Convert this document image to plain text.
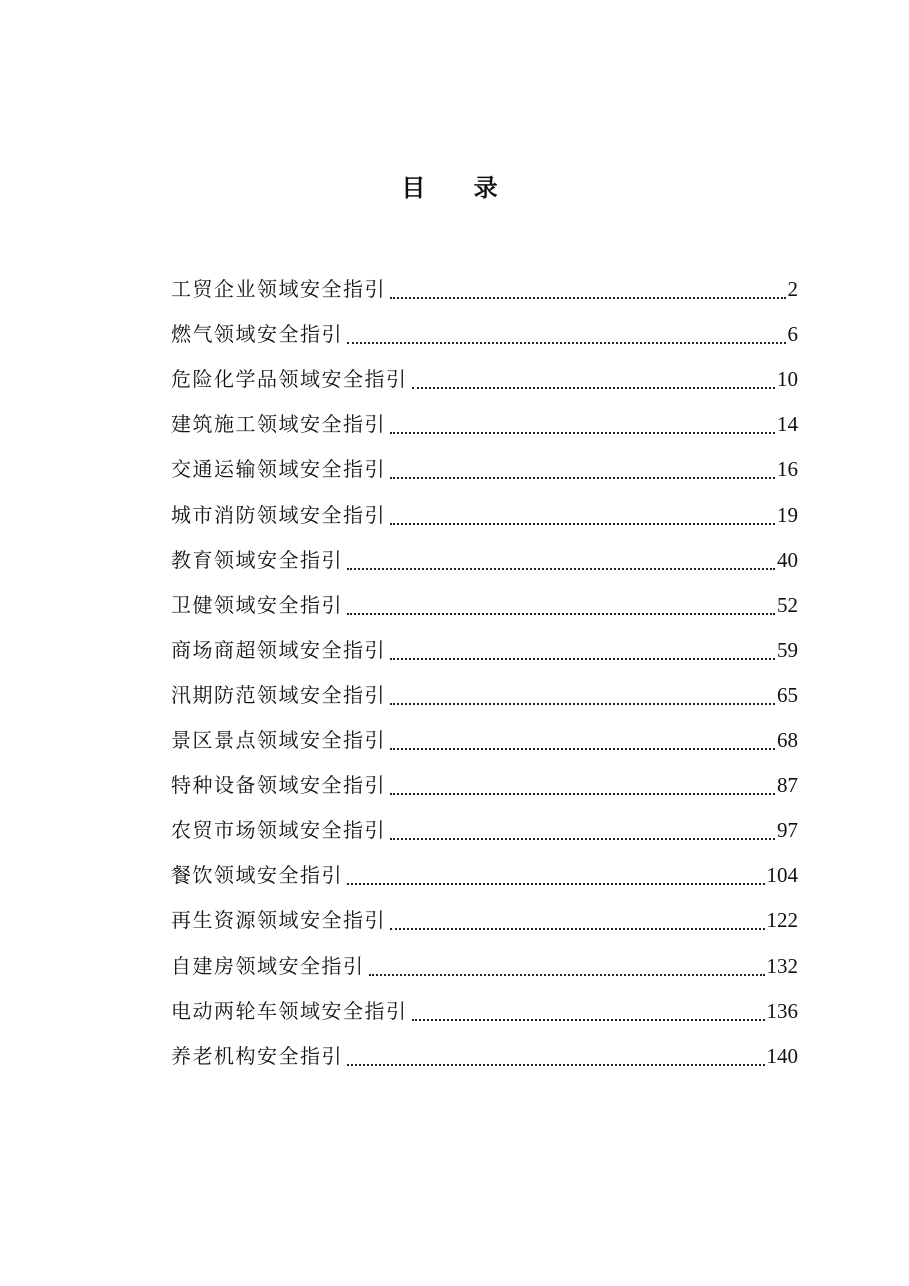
目 录
工贸企业领域安全指引	2
燃气领域安全指引	6
危险化学品领域安全指引	10
建筑施工领域安全指引	14
交通运输领域安全指引	16
城市消防领域安全指引	19
教育领域安全指引	40
卫健领域安全指引	52
商场商超领域安全指引	59
汛期防范领域安全指引	65
景区景点领域安全指引	68
特种设备领域安全指引	87
农贸市场领域安全指引	97
餐饮领域安全指引	104
再生资源领域安全指引	122
自建房领域安全指引	132
电动两轮车领域安全指引	136
养老机构安全指引	140
